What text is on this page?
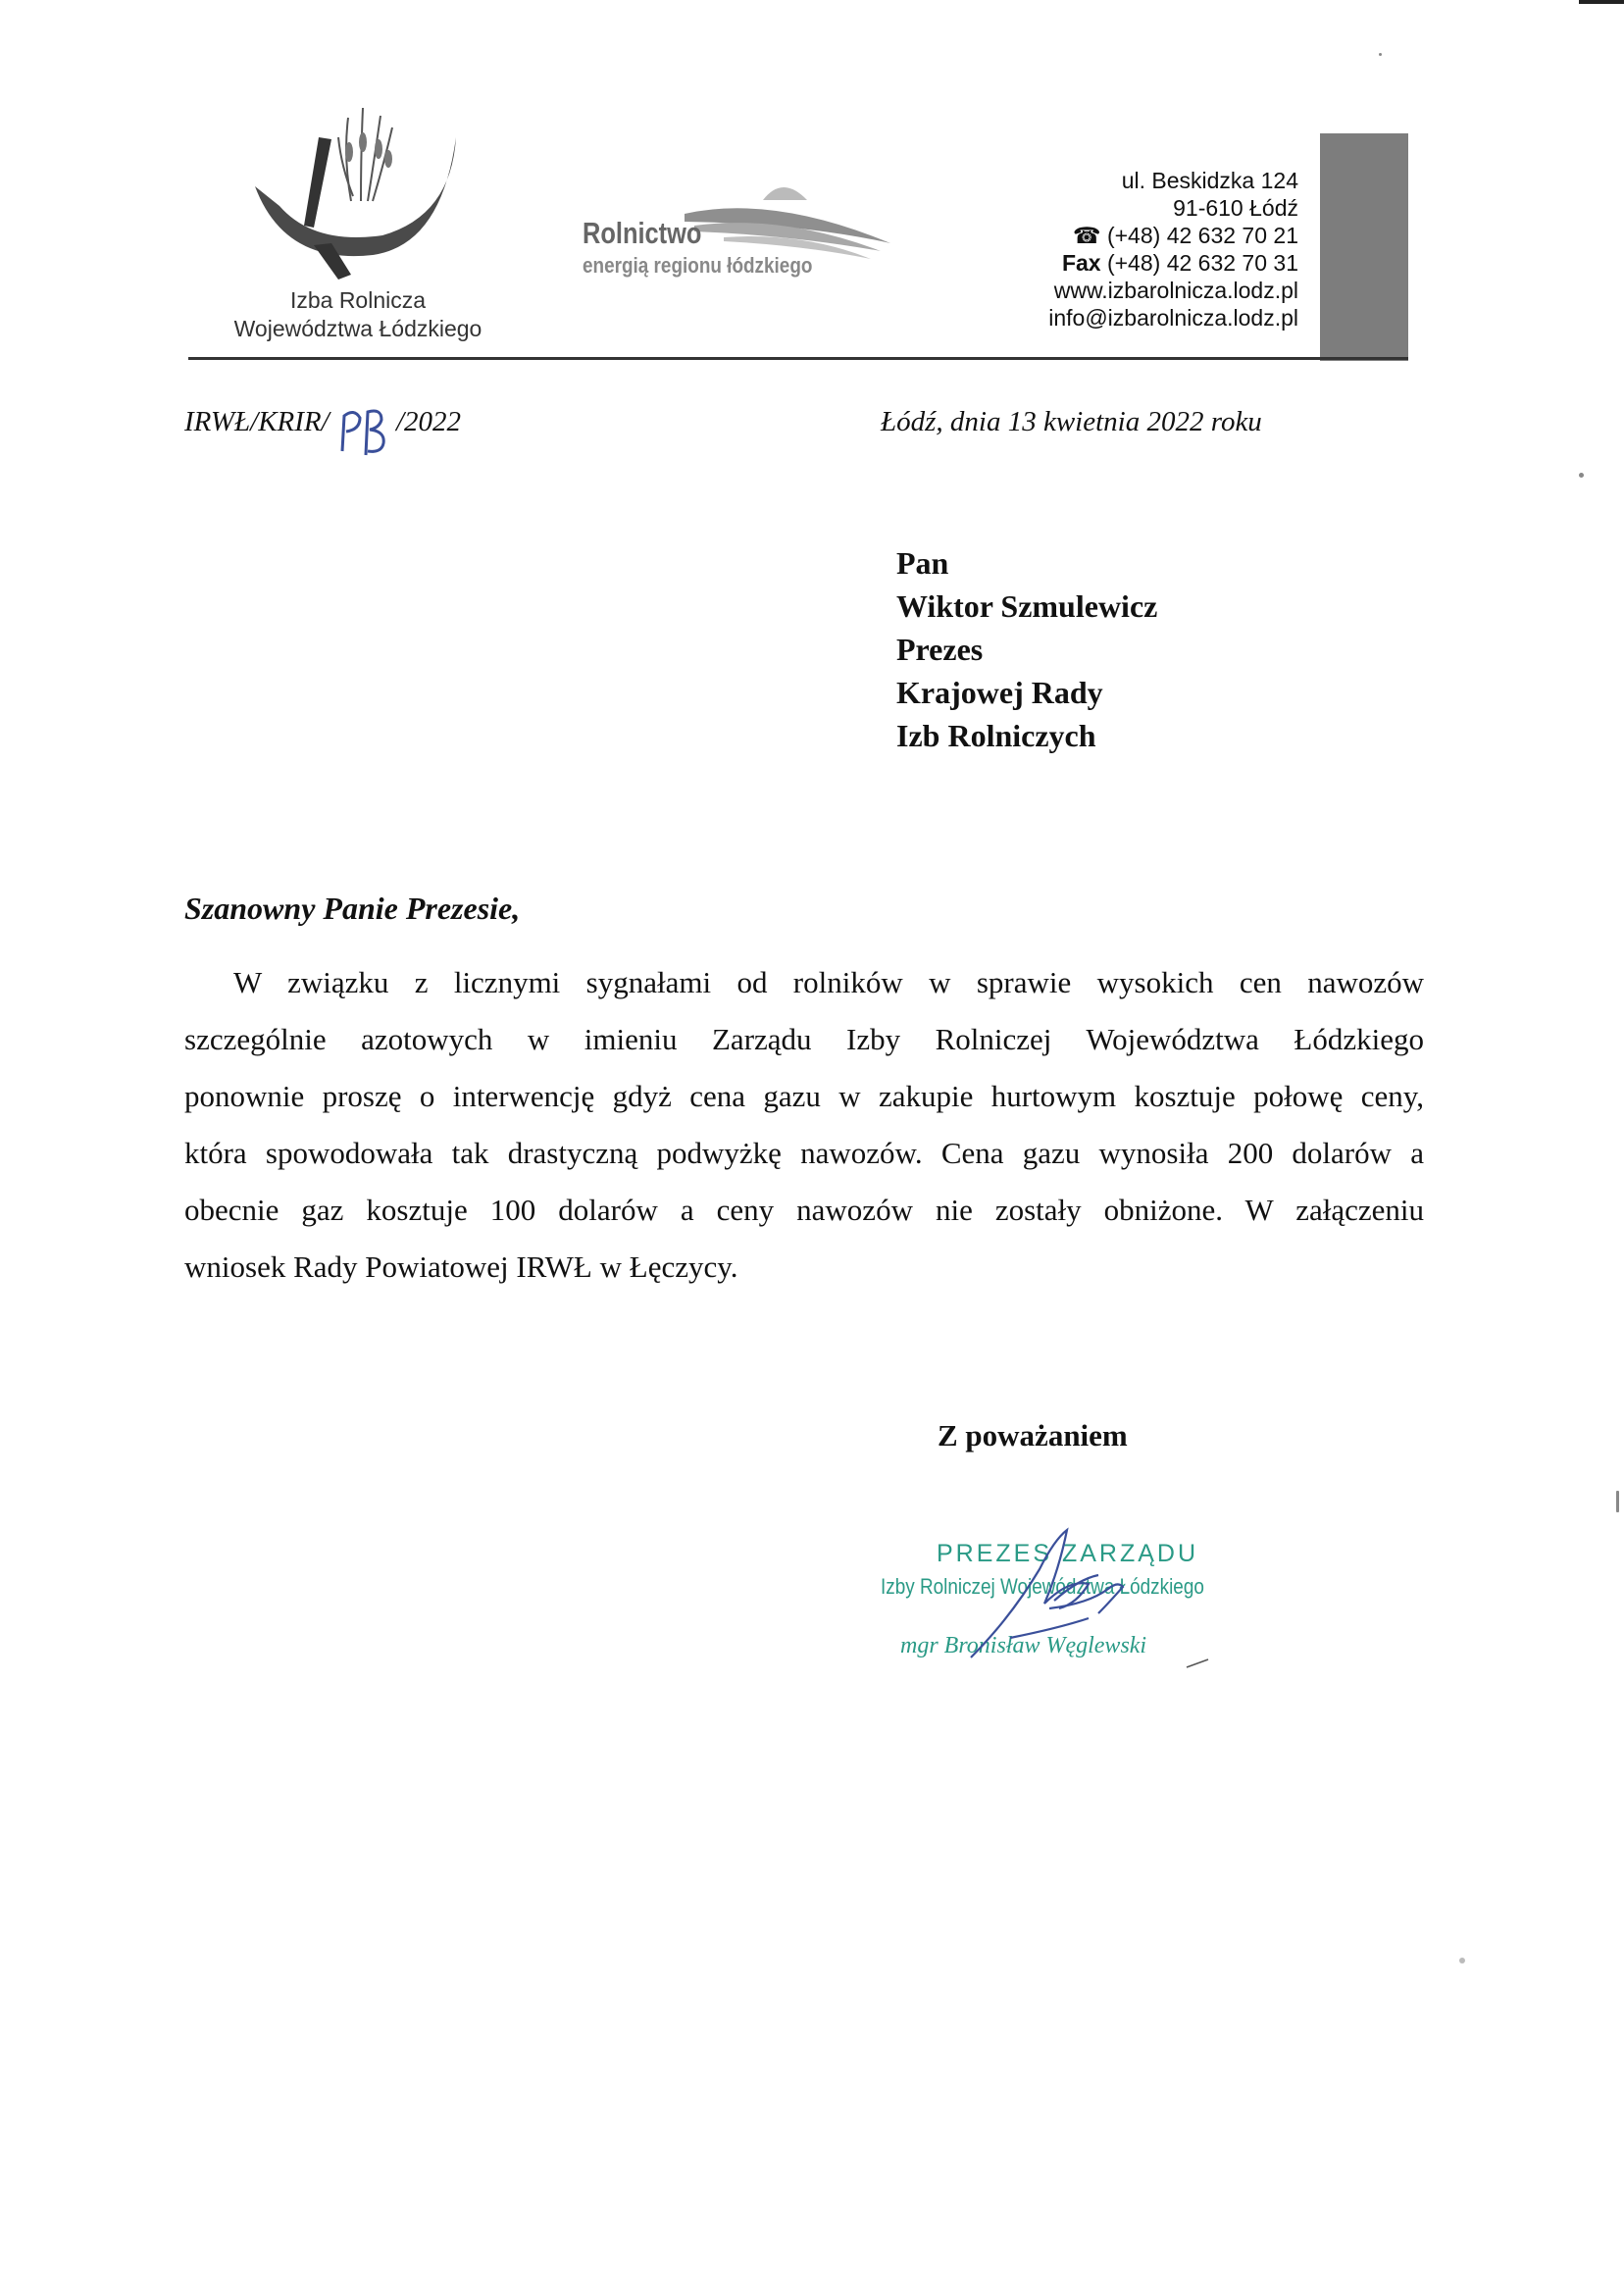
Izba Rolnicza
Województwa Łódzkiego
Rolnictwo
energią regionu łódzkiego
ul. Beskidzka 124
91-610 Łódź
☎ (+48) 42 632 70 21
Fax (+48) 42 632 70 31
www.izbarolnicza.lodz.pl
info@izbarolnicza.lodz.pl
IRWŁ/KRIR/ /2022	Łódź, dnia 13 kwietnia 2022 roku
Pan
Wiktor Szmulewicz
Prezes
Krajowej Rady
Izb Rolniczych
Szanowny Panie Prezesie,
W związku z licznymi sygnałami od rolników w sprawie wysokich cen nawozów
szczególnie azotowych w imieniu Zarządu Izby Rolniczej Województwa Łódzkiego
ponownie proszę o interwencję gdyż cena gazu w zakupie hurtowym kosztuje połowę ceny,
która spowodowała tak drastyczną podwyżkę nawozów. Cena gazu wynosiła 200 dolarów a
obecnie gaz kosztuje 100 dolarów a ceny nawozów nie zostały obniżone. W załączeniu
wniosek Rady Powiatowej IRWŁ w Łęczycy.
Z poważaniem
PREZES ZARZĄDU
Izby Rolniczej Województwa Łódzkiego
mgr Bronisław Węglewski
